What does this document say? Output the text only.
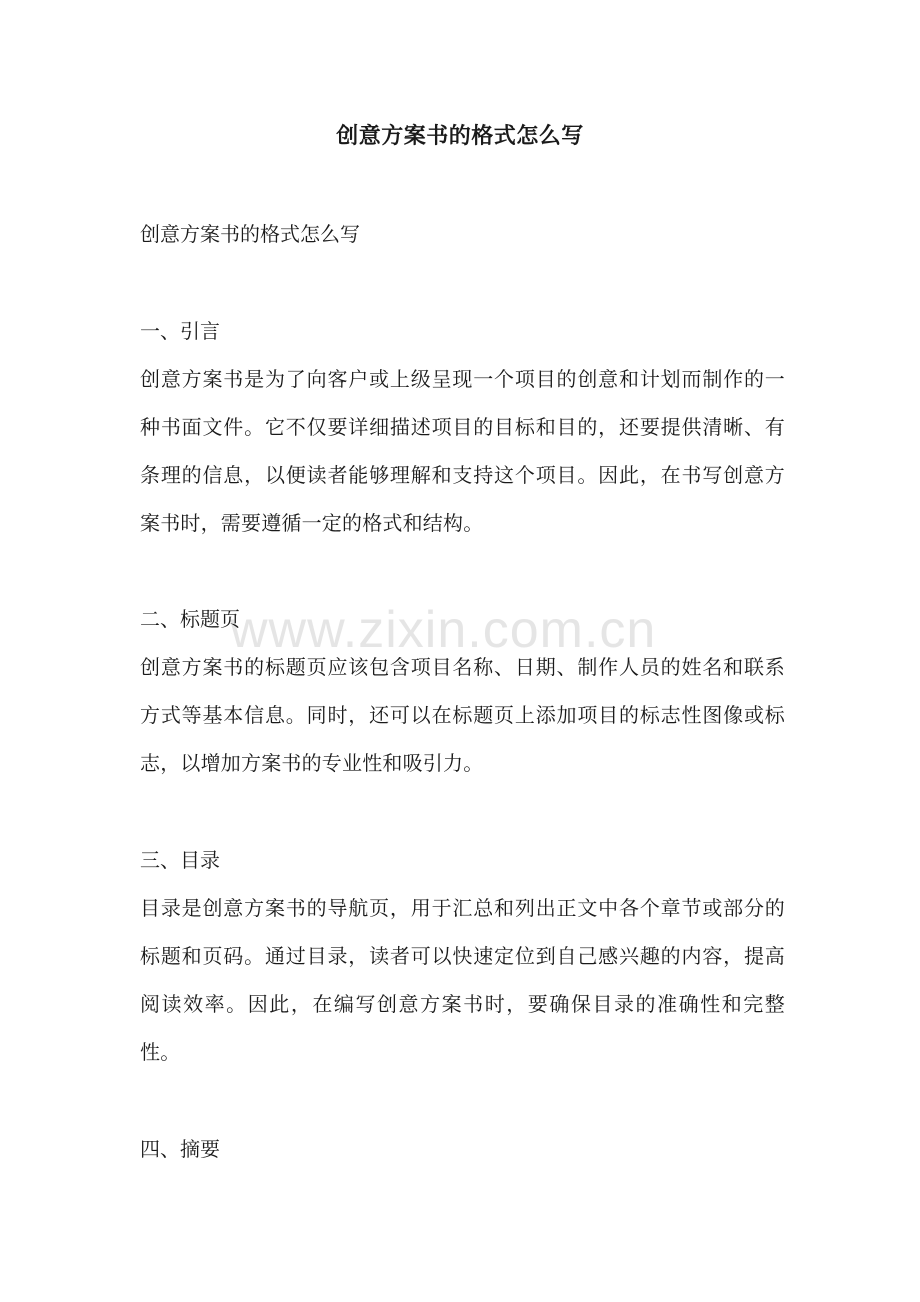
www.zixin.com.cn
创意方案书的格式怎么写
创意方案书的格式怎么写

一、引言

创意方案书是为了向客户或上级呈现一个项目的创意和计划而制作的一种书面文件。它不仅要详细描述项目的目标和目的，还要提供清晰、有条理的信息，以便读者能够理解和支持这个项目。因此，在书写创意方案书时，需要遵循一定的格式和结构。

二、标题页

创意方案书的标题页应该包含项目名称、日期、制作人员的姓名和联系方式等基本信息。同时，还可以在标题页上添加项目的标志性图像或标志，以增加方案书的专业性和吸引力。

三、目录

目录是创意方案书的导航页，用于汇总和列出正文中各个章节或部分的标题和页码。通过目录，读者可以快速定位到自己感兴趣的内容，提高阅读效率。因此，在编写创意方案书时，要确保目录的准确性和完整性。

四、摘要
